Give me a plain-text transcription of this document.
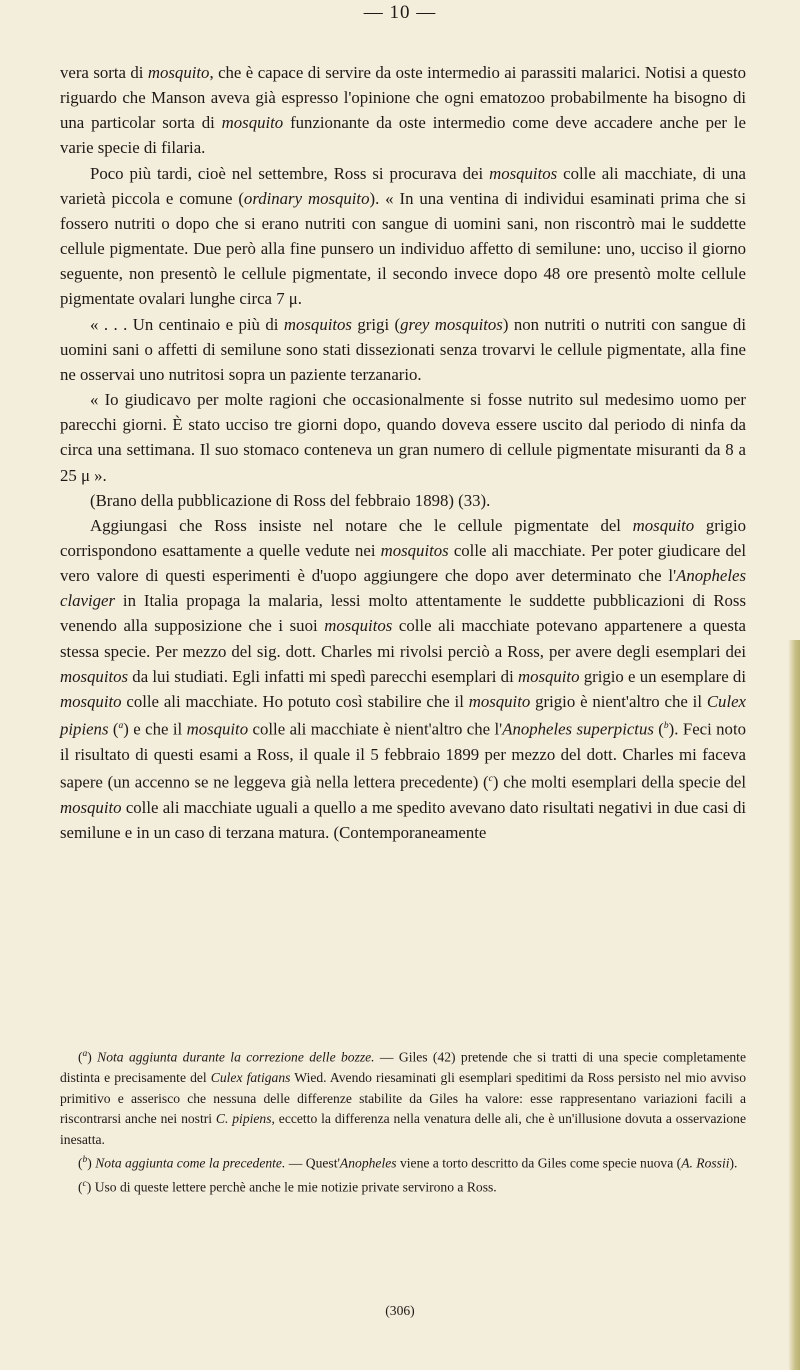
— 10 —

vera sorta di mosquito, che è capace di servire da oste intermedio ai parassiti malarici. Notisi a questo riguardo che Manson aveva già espresso l'opinione che ogni ematozoo probabilmente ha bisogno di una particolar sorta di mosquito funzionante da oste intermedio come deve accadere anche per le varie specie di filaria.

Poco più tardi, cioè nel settembre, Ross si procurava dei mosquitos colle ali macchiate, di una varietà piccola e comune (ordinary mosquito). « In una ventina di individui esaminati prima che si fossero nutriti o dopo che si erano nutriti con sangue di uomini sani, non riscontrò mai le suddette cellule pigmentate. Due però alla fine punsero un individuo affetto di semilune: uno, ucciso il giorno seguente, non presentò le cellule pigmentate, il secondo invece dopo 48 ore presentò molte cellule pigmentate ovalari lunghe circa 7 μ.

« . . . Un centinaio e più di mosquitos grigi (grey mosquitos) non nutriti o nutriti con sangue di uomini sani o affetti di semilune sono stati dissezionati senza trovarvi le cellule pigmentate, alla fine ne osservai uno nutritosi sopra un paziente terzanario.

« Io giudicavo per molte ragioni che occasionalmente si fosse nutrito sul medesimo uomo per parecchi giorni. È stato ucciso tre giorni dopo, quando doveva essere uscito dal periodo di ninfa da circa una settimana. Il suo stomaco conteneva un gran numero di cellule pigmentate misuranti da 8 a 25 μ ».

(Brano della pubblicazione di Ross del febbraio 1898) (33).

Aggiungasi che Ross insiste nel notare che le cellule pigmentate del mosquito grigio corrispondono esattamente a quelle vedute nei mosquitos colle ali macchiate. Per poter giudicare del vero valore di questi esperimenti è d'uopo aggiungere che dopo aver determinato che l'Anopheles claviger in Italia propaga la malaria, lessi molto attentamente le suddette pubblicazioni di Ross venendo alla supposizione che i suoi mosquitos colle ali macchiate potevano appartenere a questa stessa specie. Per mezzo del sig. dott. Charles mi rivolsi perciò a Ross, per avere degli esemplari dei mosquitos da lui studiati. Egli infatti mi spedì parecchi esemplari di mosquito grigio e un esemplare di mosquito colle ali macchiate. Ho potuto così stabilire che il mosquito grigio è nient'altro che il Culex pipiens ($^a$) e che il mosquito colle ali macchiate è nient'altro che l'Anopheles superpictus ($^b$). Feci noto il risultato di questi esami a Ross, il quale il 5 febbraio 1899 per mezzo del dott. Charles mi faceva sapere (un accenno se ne leggeva già nella lettera precedente) ($^c$) che molti esemplari della specie del mosquito colle ali macchiate uguali a quello a me spedito avevano dato risultati negativi in due casi di semilune e in un caso di terzana matura. (Contemporaneamente

($^a$) Nota aggiunta durante la correzione delle bozze. — Giles (42) pretende che si tratti di una specie completamente distinta e precisamente del Culex fatigans Wied. Avendo riesaminati gli esemplari speditimi da Ross persisto nel mio avviso primitivo e asserisco che nessuna delle differenze stabilite da Giles ha valore: esse rappresentano variazioni facili a riscontrarsi anche nei nostri C. pipiens, eccetto la differenza nella venatura delle ali, che è un'illusione dovuta a osservazione inesatta.

($^b$) Nota aggiunta come la precedente. — Quest'Anopheles viene a torto descritto da Giles come specie nuova (A. Rossii).

($^c$) Uso di queste lettere perchè anche le mie notizie private servirono a Ross.

(306)
